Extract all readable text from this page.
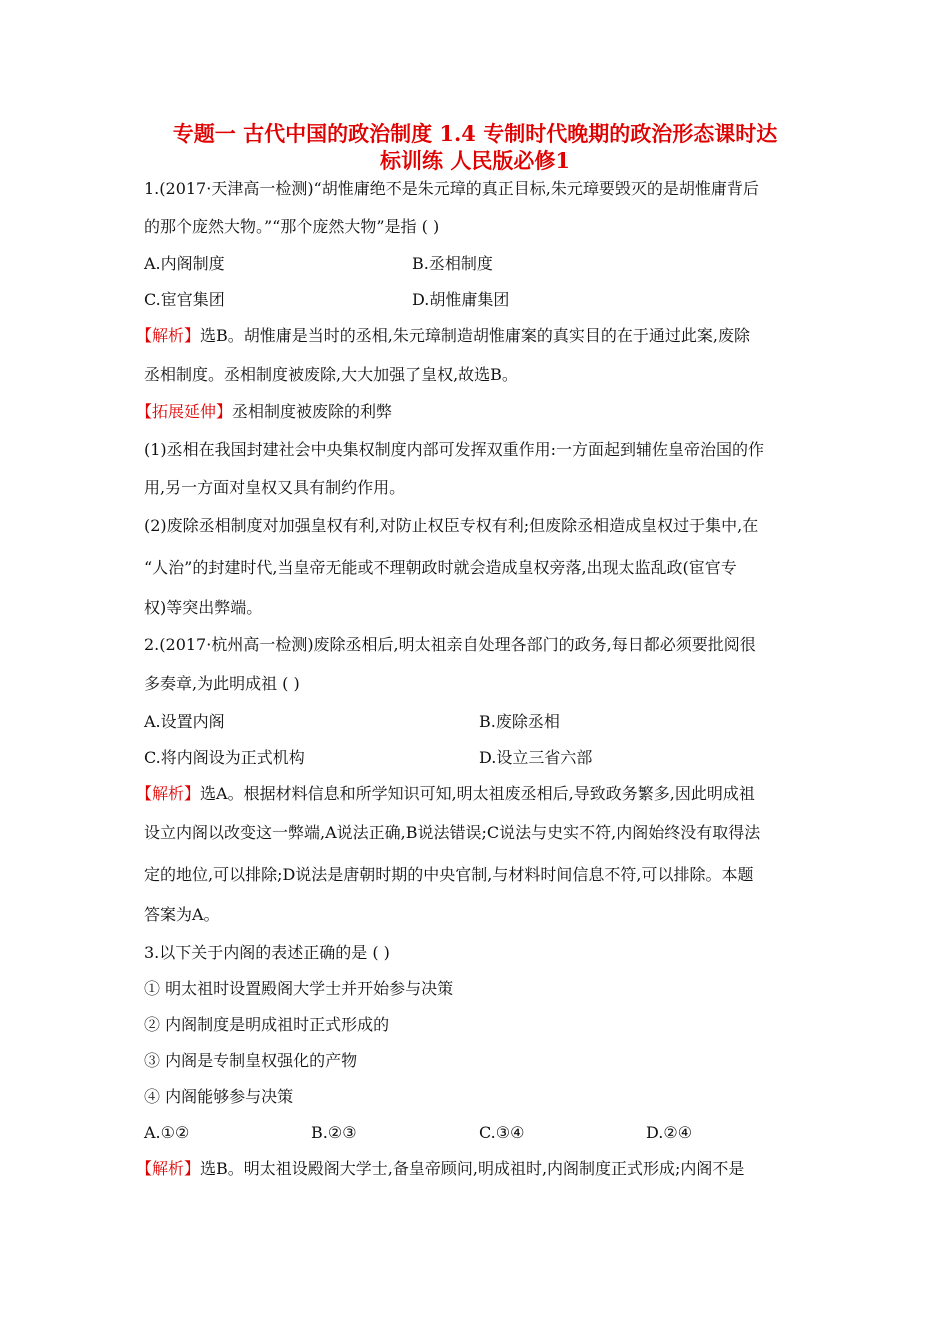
专题一 古代中国的政治制度 1.4 专制时代晚期的政治形态课时达
标训练 人民版必修1
1.(2017·天津高一检测)“胡惟庸绝不是朱元璋的真正目标,朱元璋要毁灭的是胡惟庸背后
的那个庞然大物。”“那个庞然大物”是指 ( )
A.内阁制度	B.丞相制度
C.宦官集团	D.胡惟庸集团
【解析】选B。胡惟庸是当时的丞相,朱元璋制造胡惟庸案的真实目的在于通过此案,废除
丞相制度。丞相制度被废除,大大加强了皇权,故选B。
【拓展延伸】丞相制度被废除的利弊
(1)丞相在我国封建社会中央集权制度内部可发挥双重作用:一方面起到辅佐皇帝治国的作
用,另一方面对皇权又具有制约作用。
(2)废除丞相制度对加强皇权有利,对防止权臣专权有利;但废除丞相造成皇权过于集中,在
“人治”的封建时代,当皇帝无能或不理朝政时就会造成皇权旁落,出现太监乱政(宦官专
权)等突出弊端。
2.(2017·杭州高一检测)废除丞相后,明太祖亲自处理各部门的政务,每日都必须要批阅很
多奏章,为此明成祖 ( )
A.设置内阁	B.废除丞相
C.将内阁设为正式机构	D.设立三省六部
【解析】选A。根据材料信息和所学知识可知,明太祖废丞相后,导致政务繁多,因此明成祖
设立内阁以改变这一弊端,A说法正确,B说法错误;C说法与史实不符,内阁始终没有取得法
定的地位,可以排除;D说法是唐朝时期的中央官制,与材料时间信息不符,可以排除。本题
答案为A。
3.以下关于内阁的表述正确的是 ( )
① 明太祖时设置殿阁大学士并开始参与决策
② 内阁制度是明成祖时正式形成的
③ 内阁是专制皇权强化的产物
④ 内阁能够参与决策
A.①②	B.②③	C.③④	D.②④
【解析】选B。明太祖设殿阁大学士,备皇帝顾问,明成祖时,内阁制度正式形成;内阁不是
